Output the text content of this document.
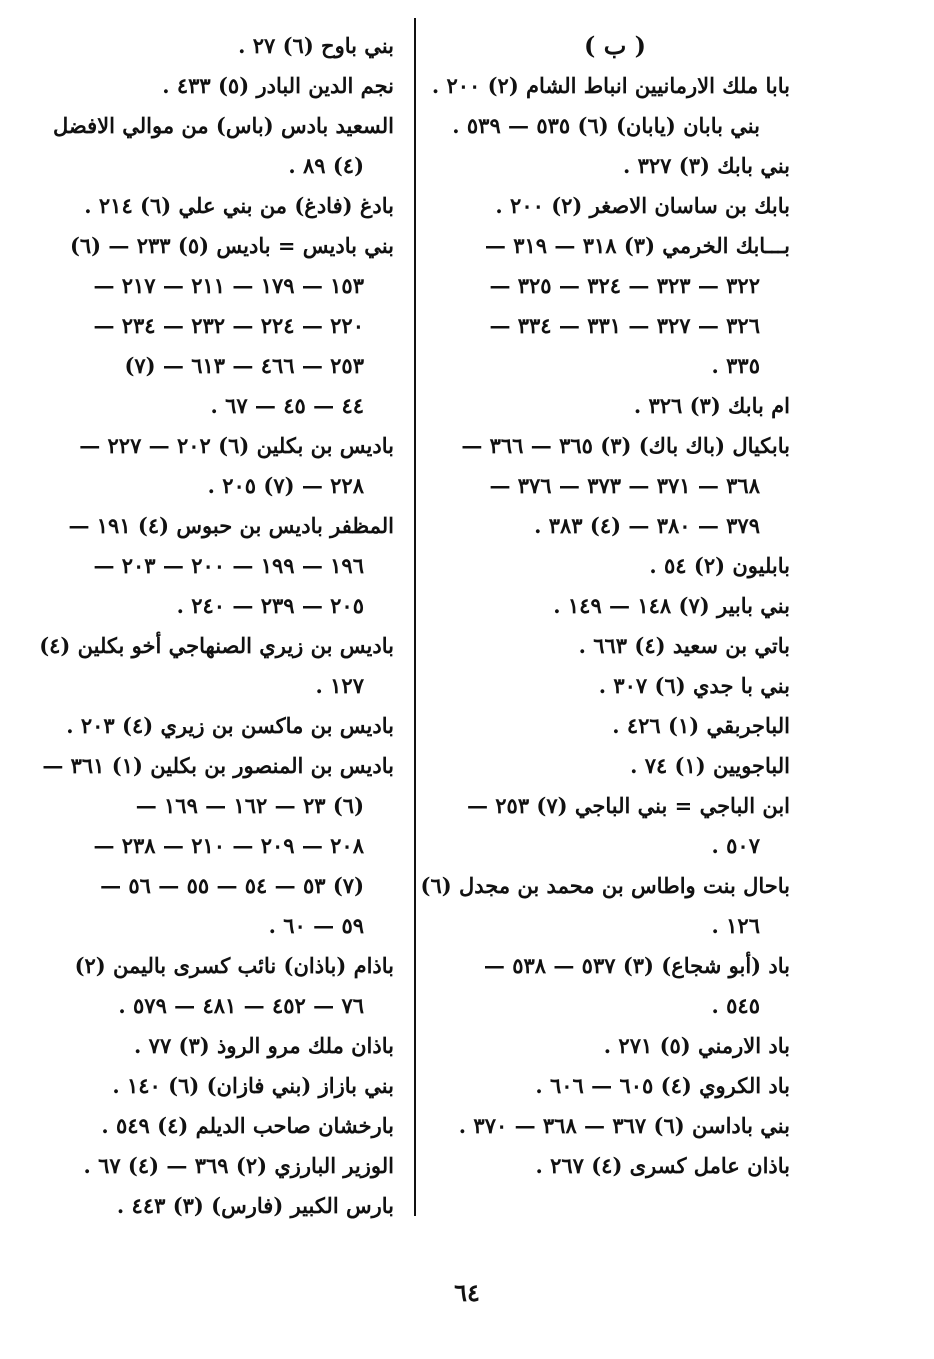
( ب )
بابا ملك الارمانيين انباط الشام (٢) ٢٠٠ .
بني بابان (يابان) (٦) ٥٣٥ — ٥٣٩ .
بني بابك (٣) ٣٢٧ .
بابك بن ساسان الاصغر (٢) ٢٠٠ .
بـــابك الخرمي (٣) ٣١٨ — ٣١٩ —
٣٢٢ — ٣٢٣ — ٣٢٤ — ٣٢٥ —
٣٢٦ — ٣٢٧ — ٣٣١ — ٣٣٤ —
٣٣٥ .
ام بابك (٣) ٣٢٦ .
بابكيال (باك باك) (٣) ٣٦٥ — ٣٦٦ —
٣٦٨ — ٣٧١ — ٣٧٣ — ٣٧٦ —
٣٧٩ — ٣٨٠ — (٤) ٣٨٣ .
بابليون (٢) ٥٤ .
بني بابير (٧) ١٤٨ — ١٤٩ .
باتي بن سعيد (٤) ٦٦٣ .
بني با جدي (٦) ٣٠٧ .
الباجربقي (١) ٤٢٦ .
الباجويين (١) ٧٤ .
ابن الباجي = بني الباجي (٧) ٢٥٣ —
٥٠٧ .
باحال بنت واطاس بن محمد بن مجدل (٦)
١٢٦ .
باد (أبو شجاع) (٣) ٥٣٧ — ٥٣٨ —
٥٤٥ .
باد الارمني (٥) ٢٧١ .
باد الكروي (٤) ٦٠٥ — ٦٠٦ .
بني باداسن (٦) ٣٦٧ — ٣٦٨ — ٣٧٠ .
باذان عامل كسرى (٤) ٢٦٧ .
بني باوح (٦) ٢٧ .
نجم الدين البادر (٥) ٤٣٣ .
السعيد بادس (باس) من موالي الافضل
(٤) ٨٩ .
بادغ (فادغ) من بني علي (٦) ٢١٤ .
بني باديس = باديس (٥) ٢٣٣ — (٦)
١٥٣ — ١٧٩ — ٢١١ — ٢١٧ —
٢٢٠ — ٢٢٤ — ٢٣٢ — ٢٣٤ —
٢٥٣ — ٤٦٦ — ٦١٣ — (٧)
٤٤ — ٤٥ — ٦٧ .
باديس بن بكلين (٦) ٢٠٢ — ٢٢٧ —
٢٢٨ — (٧) ٢٠٥ .
المظفر باديس بن حبوس (٤) ١٩١ —
١٩٦ — ١٩٩ — ٢٠٠ — ٢٠٣ —
٢٠٥ — ٢٣٩ — ٢٤٠ .
باديس بن زيري الصنهاجي أخو بكلين (٤)
١٢٧ .
باديس بن ماكسن بن زيري (٤) ٢٠٣ .
باديس بن المنصور بن بكلين (١) ٣٦١ —
(٦) ٢٣ — ١٦٢ — ١٦٩ —
٢٠٨ — ٢٠٩ — ٢١٠ — ٢٣٨ —
(٧) ٥٣ — ٥٤ — ٥٥ — ٥٦ —
٥٩ — ٦٠ .
باذام (باذان) نائب كسرى باليمن (٢)
٧٦ — ٤٥٢ — ٤٨١ — ٥٧٩ .
باذان ملك مرو الروذ (٣) ٧٧ .
بني بازاز (بني فازان) (٦) ١٤٠ .
بارخشان صاحب الديلم (٤) ٥٤٩ .
الوزير البارزي (٢) ٣٦٩ — (٤) ٦٧ .
بارس الكبير (فارس) (٣) ٤٤٣ .
٦٤
